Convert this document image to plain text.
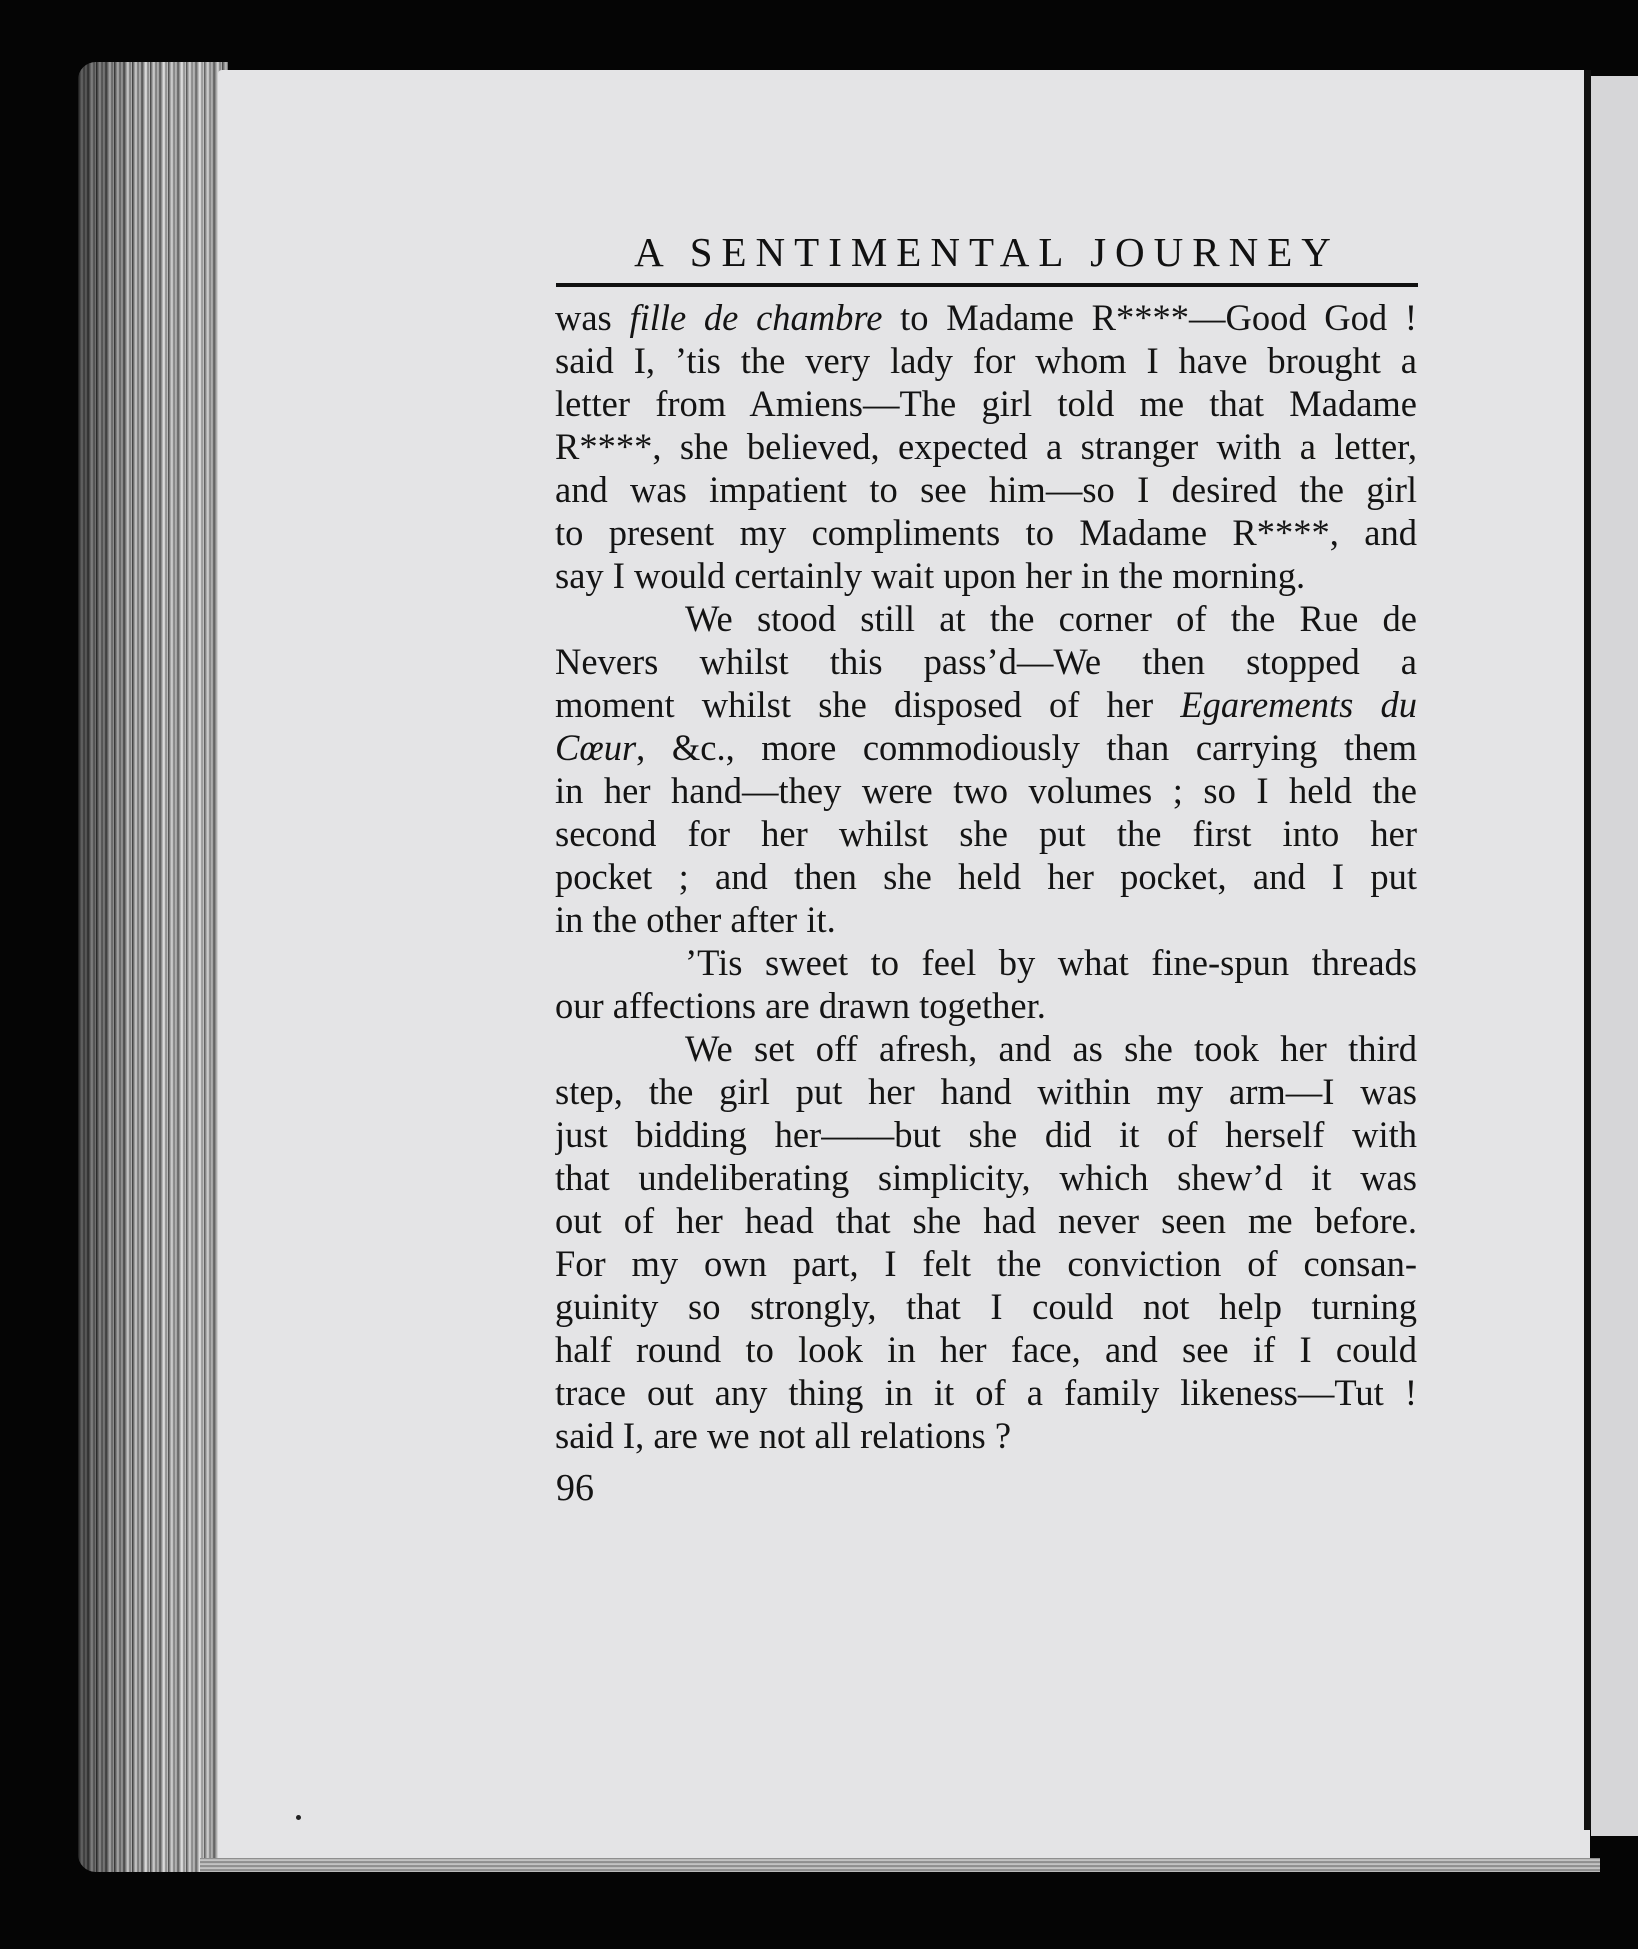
A SENTIMENTAL JOURNEY
was fille de chambre to Madame R****—Good God !
said I, ’tis the very lady for whom I have brought a
letter from Amiens—The girl told me that Madame
R****, she believed, expected a stranger with a letter,
and was impatient to see him—so I desired the girl
to present my compliments to Madame R****, and
say I would certainly wait upon her in the morning.
We stood still at the corner of the Rue de
Nevers whilst this pass’d—We then stopped a
moment whilst she disposed of her Egarements du
Cœur, &c., more commodiously than carrying them
in her hand—they were two volumes ; so I held the
second for her whilst she put the first into her
pocket ; and then she held her pocket, and I put
in the other after it.
’Tis sweet to feel by what fine-spun threads
our affections are drawn together.
We set off afresh, and as she took her third
step, the girl put her hand within my arm—I was
just bidding her——but she did it of herself with
that undeliberating simplicity, which shew’d it was
out of her head that she had never seen me before.
For my own part, I felt the conviction of consan-
guinity so strongly, that I could not help turning
half round to look in her face, and see if I could
trace out any thing in it of a family likeness—Tut !
said I, are we not all relations ?
96
